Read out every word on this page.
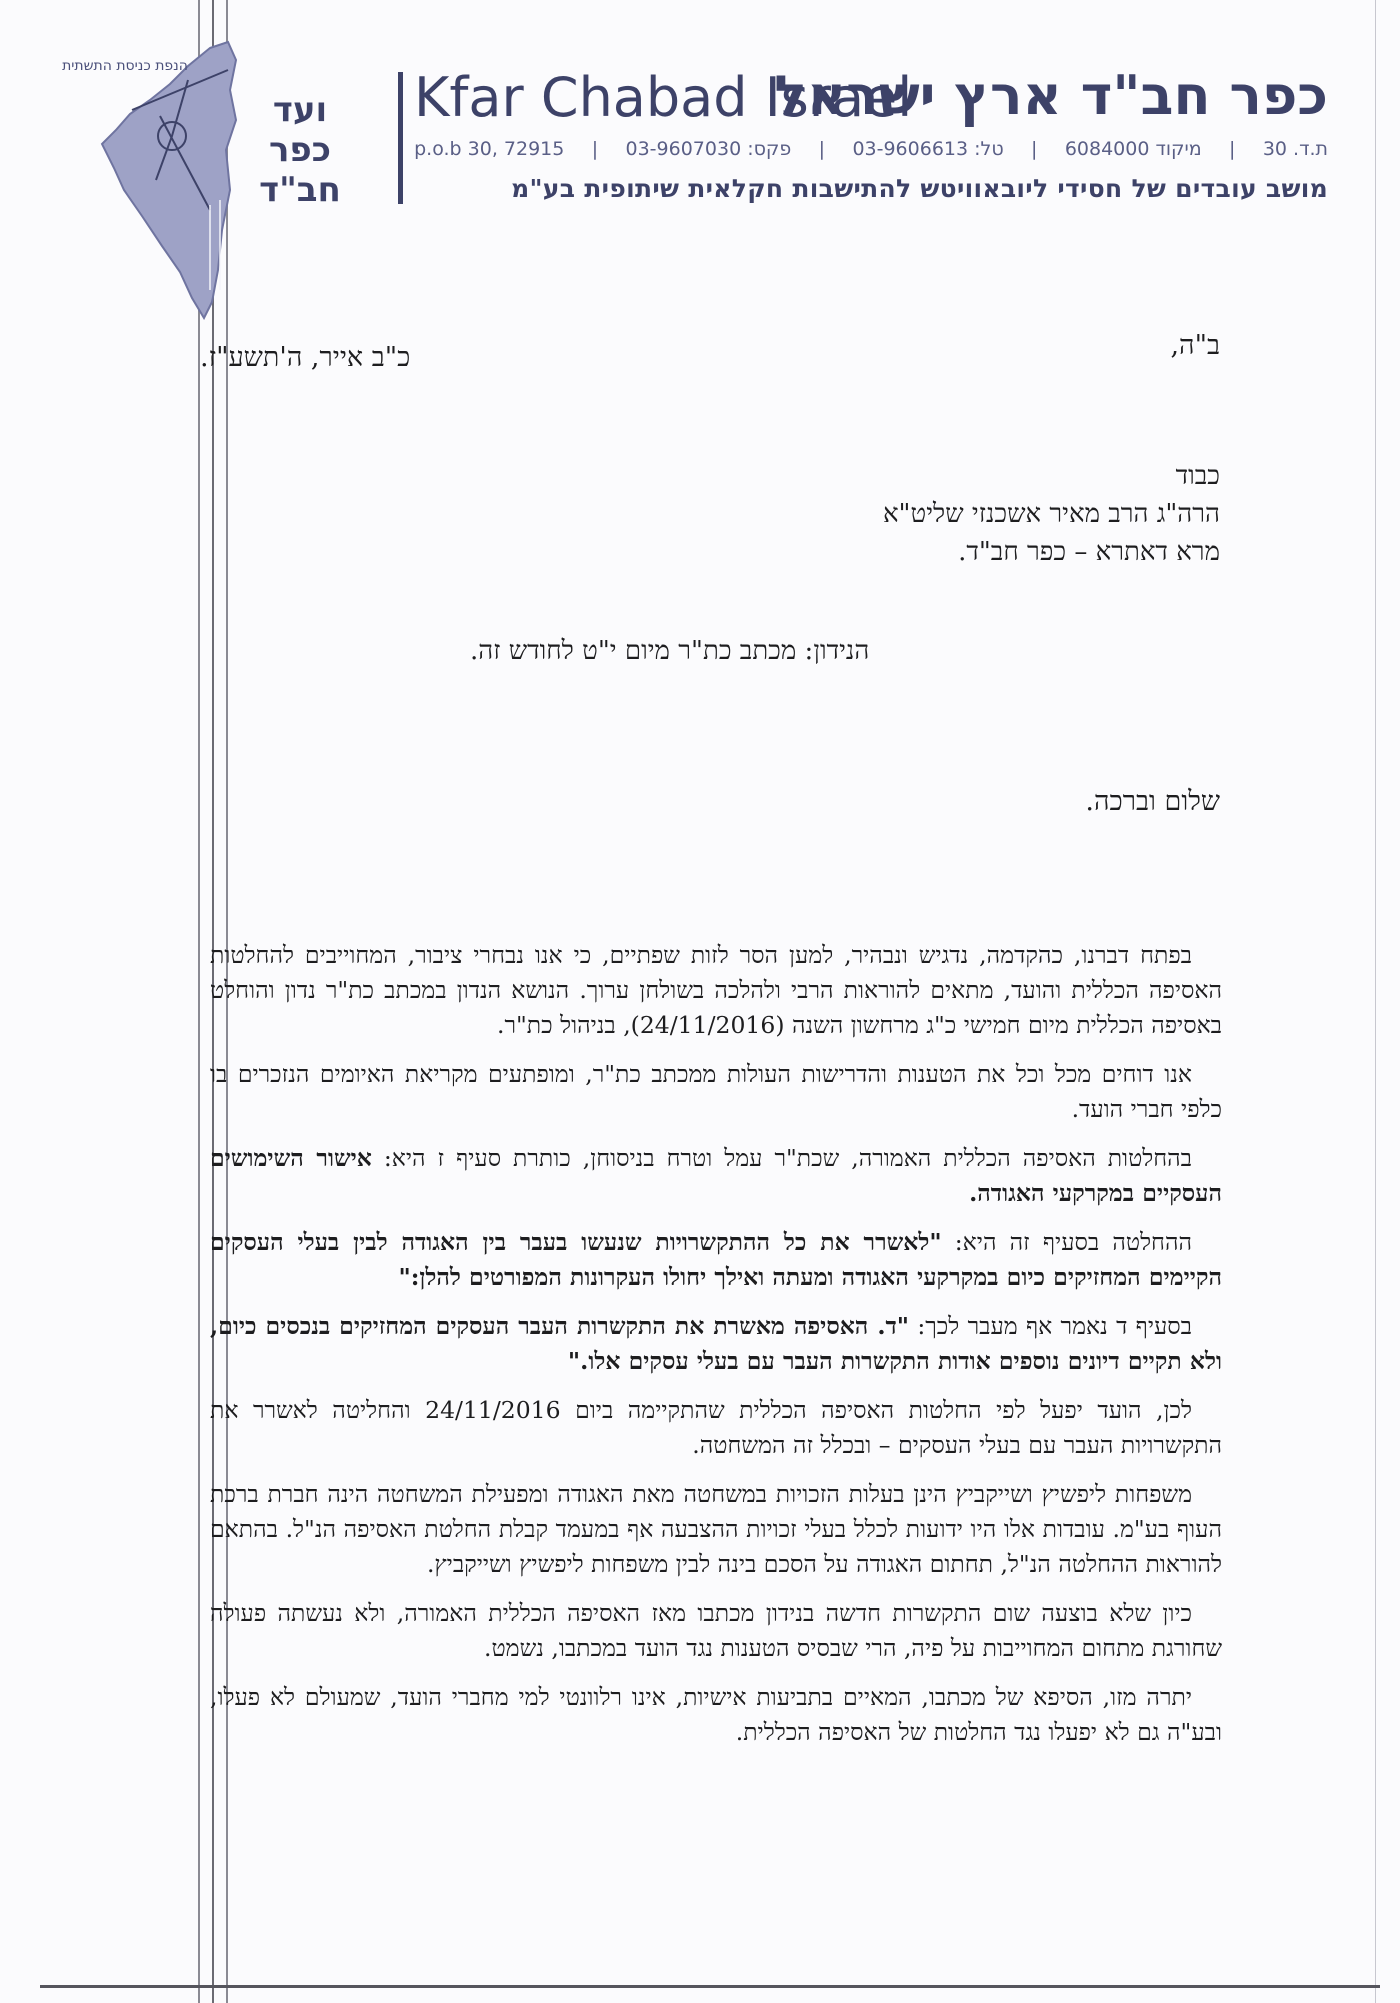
הנפת כניסת התשתית
ועד
כפר
חב"ד
Kfar Chabad Israel
כפר חב"ד ארץ ישראל
ת.ד. 30
|
מיקוד 6084000
|
טל: 03-9606613
|
פקס: 03-9607030
|
p.o.b 30, 72915
מושב עובדים של חסידי ליובאוויטש להתישבות חקלאית שיתופית בע"מ
ב"ה,
כ"ב אייר, ה'תשע"ז.
כבוד
הרה"ג הרב מאיר אשכנזי שליט"א
מרא דאתרא – כפר חב"ד.
הנידון: מכתב כת"ר מיום י"ט לחודש זה.
שלום וברכה.

בפתח דברנו, כהקדמה, נדגיש ונבהיר, למען הסר לזות שפתיים, כי אנו נבחרי ציבור, המחוייבים להחלטות האסיפה הכללית והועד, מתאים להוראות הרבי ולהלכה בשולחן ערוך. הנושא הנדון במכתב כת"ר נדון והוחלט באסיפה הכללית מיום חמישי כ"ג מרחשון השנה (24/11/2016), בניהול כת"ר.

אנו דוחים מכל וכל את הטענות והדרישות העולות ממכתב כת"ר, ומופתעים מקריאת האיומים הנזכרים בו כלפי חברי הועד.

בהחלטות האסיפה הכללית האמורה, שכת"ר עמל וטרח בניסוחן, כותרת סעיף ז היא: אישור השימושים העסקיים במקרקעי האגודה.

ההחלטה בסעיף זה היא: "לאשרר את כל ההתקשרויות שנעשו בעבר בין האגודה לבין בעלי העסקים הקיימים המחזיקים כיום במקרקעי האגודה ומעתה ואילך יחולו העקרונות המפורטים להלן:"

בסעיף ד נאמר אף מעבר לכך: "ד. האסיפה מאשרת את התקשרות העבר העסקים המחזיקים בנכסים כיום, ולא תקיים דיונים נוספים אודות התקשרות העבר עם בעלי עסקים אלו."

לכן, הועד יפעל לפי החלטות האסיפה הכללית שהתקיימה ביום 24/11/2016 והחליטה לאשרר את התקשרויות העבר עם בעלי העסקים – ובכלל זה המשחטה.

משפחות ליפשיץ ושייקביץ הינן בעלות הזכויות במשחטה מאת האגודה ומפעילת המשחטה הינה חברת ברכת העוף בע"מ. עובדות אלו היו ידועות לכלל בעלי זכויות ההצבעה אף במעמד קבלת החלטת האסיפה הנ"ל. בהתאם להוראות ההחלטה הנ"ל, תחתום האגודה על הסכם בינה לבין משפחות ליפשיץ ושייקביץ.

כיון שלא בוצעה שום התקשרות חדשה בנידון מכתבו מאז האסיפה הכללית האמורה, ולא נעשתה פעולה שחורגת מתחום המחוייבות על פיה, הרי שבסיס הטענות נגד הועד במכתבו, נשמט.

יתרה מזו, הסיפא של מכתבו, המאיים בתביעות אישיות, אינו רלוונטי למי מחברי הועד, שמעולם לא פעלו, ובע"ה גם לא יפעלו נגד החלטות של האסיפה הכללית.
